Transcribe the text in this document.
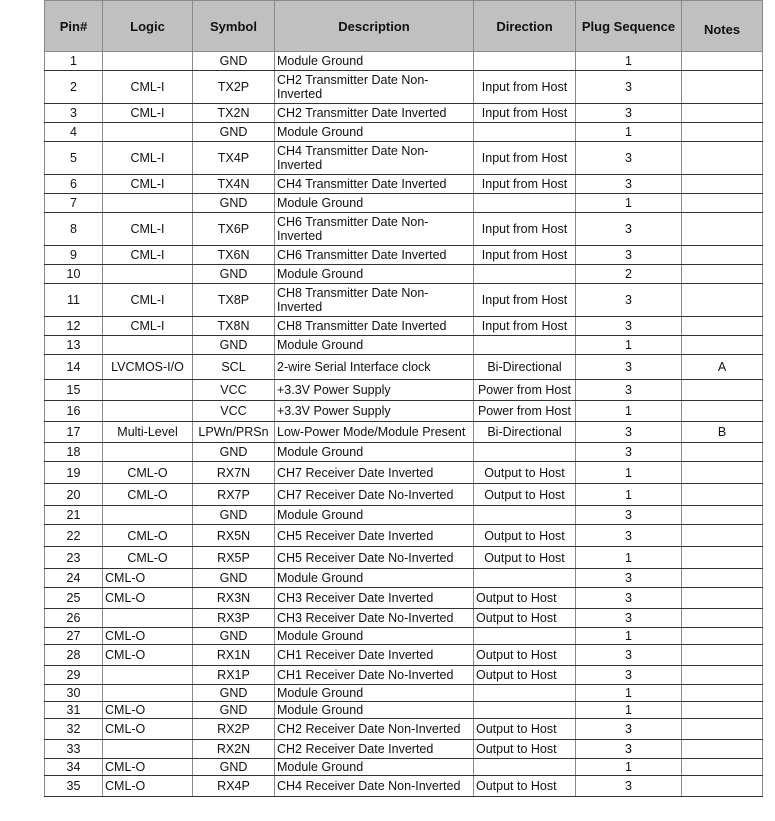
Pin#	Logic	Symbol	Description	Direction	Plug Sequence	Notes
1		GND	Module Ground		1	
2	CML-I	TX2P	CH2 Transmitter Date Non-Inverted	Input from Host	3	
3	CML-I	TX2N	CH2 Transmitter Date Inverted	Input from Host	3	
4		GND	Module Ground		1	
5	CML-I	TX4P	CH4 Transmitter Date Non-Inverted	Input from Host	3	
6	CML-I	TX4N	CH4 Transmitter Date Inverted	Input from Host	3	
7		GND	Module Ground		1	
8	CML-I	TX6P	CH6 Transmitter Date Non-Inverted	Input from Host	3	
9	CML-I	TX6N	CH6 Transmitter Date Inverted	Input from Host	3	
10		GND	Module Ground		2	
11	CML-I	TX8P	CH8 Transmitter Date Non-Inverted	Input from Host	3	
12	CML-I	TX8N	CH8 Transmitter Date Inverted	Input from Host	3	
13		GND	Module Ground		1	
14	LVCMOS-I/O	SCL	2-wire Serial Interface clock	Bi-Directional	3	A
15		VCC	+3.3V Power Supply	Power from Host	3	
16		VCC	+3.3V Power Supply	Power from Host	1	
17	Multi-Level	LPWn/PRSn	Low-Power Mode/Module Present	Bi-Directional	3	B
18		GND	Module Ground		3	
19	CML-O	RX7N	CH7 Receiver Date Inverted	Output to Host	1	
20	CML-O	RX7P	CH7 Receiver Date No-Inverted	Output to Host	1	
21		GND	Module Ground		3	
22	CML-O	RX5N	CH5 Receiver Date Inverted	Output to Host	3	
23	CML-O	RX5P	CH5 Receiver Date No-Inverted	Output to Host	1	
24	CML-O	GND	Module Ground		3	
25	CML-O	RX3N	CH3 Receiver Date Inverted	Output to Host	3	
26		RX3P	CH3 Receiver Date No-Inverted	Output to Host	3	
27	CML-O	GND	Module Ground		1	
28	CML-O	RX1N	CH1 Receiver Date Inverted	Output to Host	3	
29		RX1P	CH1 Receiver Date No-Inverted	Output to Host	3	
30		GND	Module Ground		1	
31	CML-O	GND	Module Ground		1	
32	CML-O	RX2P	CH2 Receiver Date Non-Inverted	Output to Host	3	
33		RX2N	CH2 Receiver Date Inverted	Output to Host	3	
34	CML-O	GND	Module Ground		1	
35	CML-O	RX4P	CH4 Receiver Date Non-Inverted	Output to Host	3	
